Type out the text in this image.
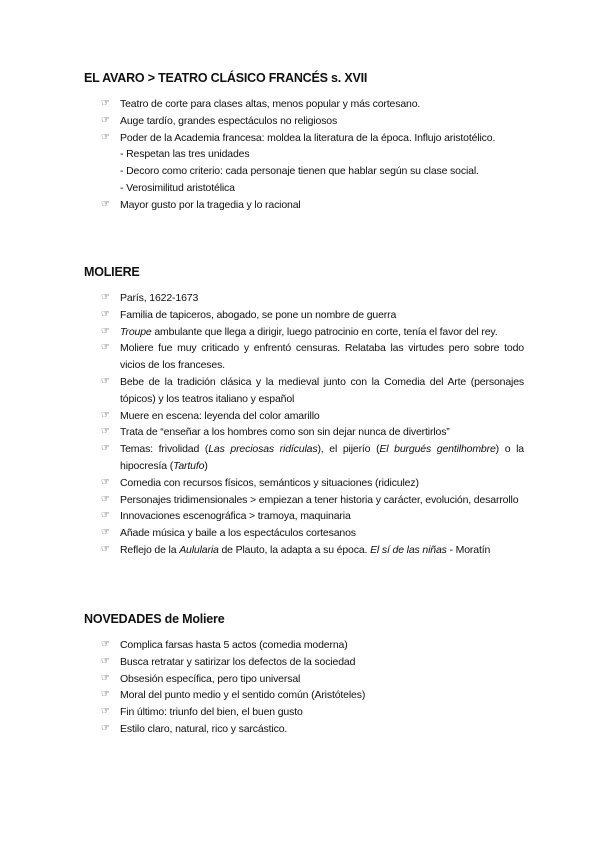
EL AVARO > TEATRO CLÁSICO FRANCÉS s. XVII
☞ Teatro de corte para clases altas, menos popular y más cortesano.
☞ Auge tardío, grandes espectáculos no religiosos
☞ Poder de la Academia francesa: moldea la literatura de la época. Influjo aristotélico.
- Respetan las tres unidades
- Decoro como criterio: cada personaje tienen que hablar según su clase social.
- Verosimilitud aristotélica
☞ Mayor gusto por la tragedia y lo racional
MOLIERE
☞ París, 1622-1673
☞ Familia de tapiceros, abogado, se pone un nombre de guerra
☞ Troupe ambulante que llega a dirigir, luego patrocinio en corte, tenía el favor del rey.
☞ Moliere fue muy criticado y enfrentó censuras. Relataba las virtudes pero sobre todo vicios de los franceses.
☞ Bebe de la tradición clásica y la medieval junto con la Comedia del Arte (personajes tópicos) y los teatros italiano y español
☞ Muere en escena: leyenda del color amarillo
☞ Trata de “enseñar a los hombres como son sin dejar nunca de divertirlos”
☞ Temas: frivolidad (Las preciosas ridículas), el pijerío (El burgués gentilhombre) o la hipocresía (Tartufo)
☞ Comedia con recursos físicos, semánticos y situaciones (ridiculez)
☞ Personajes tridimensionales > empiezan a tener historia y carácter, evolución, desarrollo
☞ Innovaciones escenográfica > tramoya, maquinaria
☞ Añade música y baile a los espectáculos cortesanos
☞ Reflejo de la Aulularia de Plauto, la adapta a su época. El sí de las niñas - Moratín
NOVEDADES de Moliere
☞ Complica farsas hasta 5 actos (comedia moderna)
☞ Busca retratar y satirizar los defectos de la sociedad
☞ Obsesión específica, pero tipo universal
☞ Moral del punto medio y el sentido común (Aristóteles)
☞ Fin último: triunfo del bien, el buen gusto
☞ Estilo claro, natural, rico y sarcástico.
